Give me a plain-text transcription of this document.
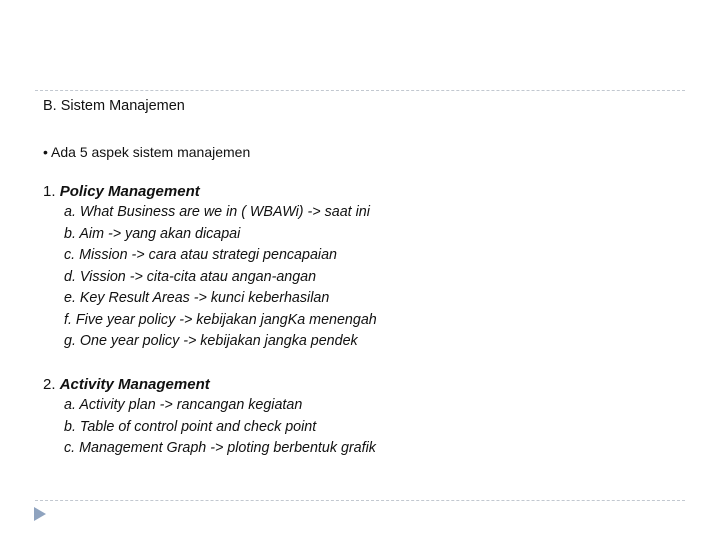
B. Sistem Manajemen
• Ada 5 aspek sistem manajemen
1. Policy Management
a. What Business are we in ( WBAWi) -> saat ini
b. Aim -> yang akan dicapai
c. Mission -> cara atau strategi pencapaian
d. Vission -> cita-cita atau angan-angan
e. Key Result Areas -> kunci keberhasilan
f. Five year policy -> kebijakan jangKa menengah
g. One year policy -> kebijakan jangka pendek
2. Activity Management
a. Activity plan -> rancangan kegiatan
b. Table of control point and check point
c. Management Graph -> ploting berbentuk grafik
